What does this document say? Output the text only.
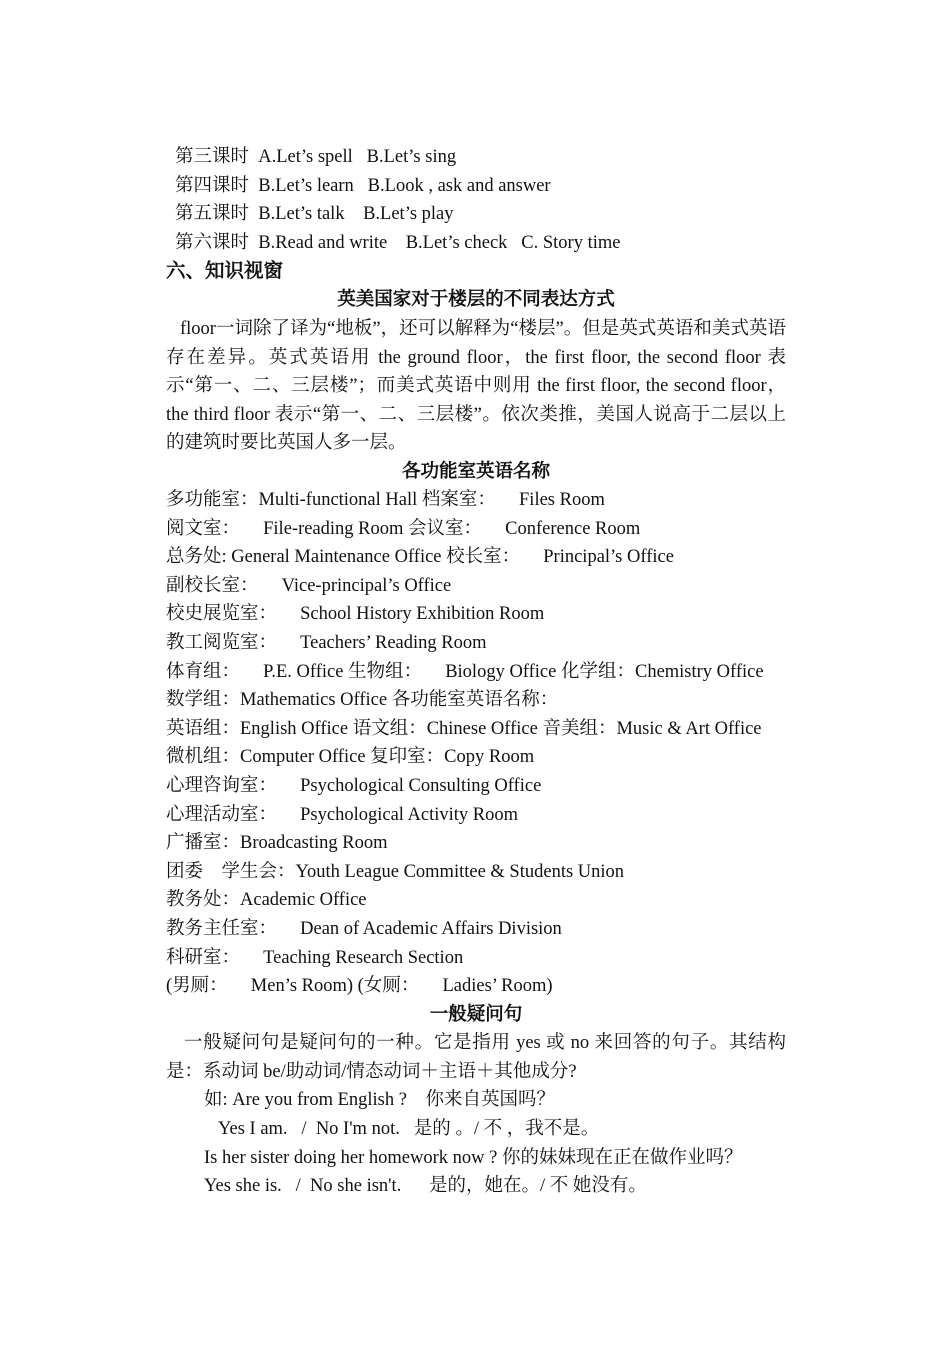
第三课时  A.Let’s spell   B.Let’s sing
第四课时  B.Let’s learn   B.Look , ask and answer
第五课时  B.Let’s talk    B.Let’s play
第六课时  B.Read and write    B.Let’s check   C. Story time
六、知识视窗
英美国家对于楼层的不同表达方式
floor一词除了译为“地板”，还可以解释为“楼层”。但是英式英语和美式英语存在差异。英式英语用 the ground floor，the first floor, the second floor 表示“第一、二、三层楼”；而美式英语中则用 the first floor, the second floor，the third floor 表示“第一、二、三层楼”。依次类推，美国人说高于二层以上的建筑时要比英国人多一层。
各功能室英语名称
多功能室：Multi-functional Hall 档案室：     Files Room
阅文室：     File-reading Room 会议室：     Conference Room
总务处: General Maintenance Office 校长室：     Principal’s Office
副校长室：     Vice-principal’s Office
校史展览室：     School History Exhibition Room
教工阅览室：     Teachers’ Reading Room
体育组：     P.E. Office 生物组：     Biology Office 化学组：Chemistry Office
数学组：Mathematics Office 各功能室英语名称：
英语组：English Office 语文组：Chinese Office 音美组：Music & Art Office
微机组：Computer Office 复印室：Copy Room
心理咨询室：     Psychological Consulting Office
心理活动室：     Psychological Activity Room
广播室：Broadcasting Room
团委    学生会：Youth League Committee & Students Union
教务处：Academic Office
教务主任室：     Dean of Academic Affairs Division
科研室：     Teaching Research Section
(男厕：     Men’s Room) (女厕：     Ladies’ Room)
一般疑问句
一般疑问句是疑问句的一种。它是指用 yes 或 no 来回答的句子。其结构是：系动词 be/助动词/情态动词＋主语＋其他成分?
如: Are you from English ?    你来自英国吗？
Yes I am.   /  No I'm not.   是的 。/ 不 ，我不是。
Is her sister doing her homework now ? 你的妹妹现在正在做作业吗？
Yes she is.   /  No she isn't.      是的，她在。/ 不 她没有。
